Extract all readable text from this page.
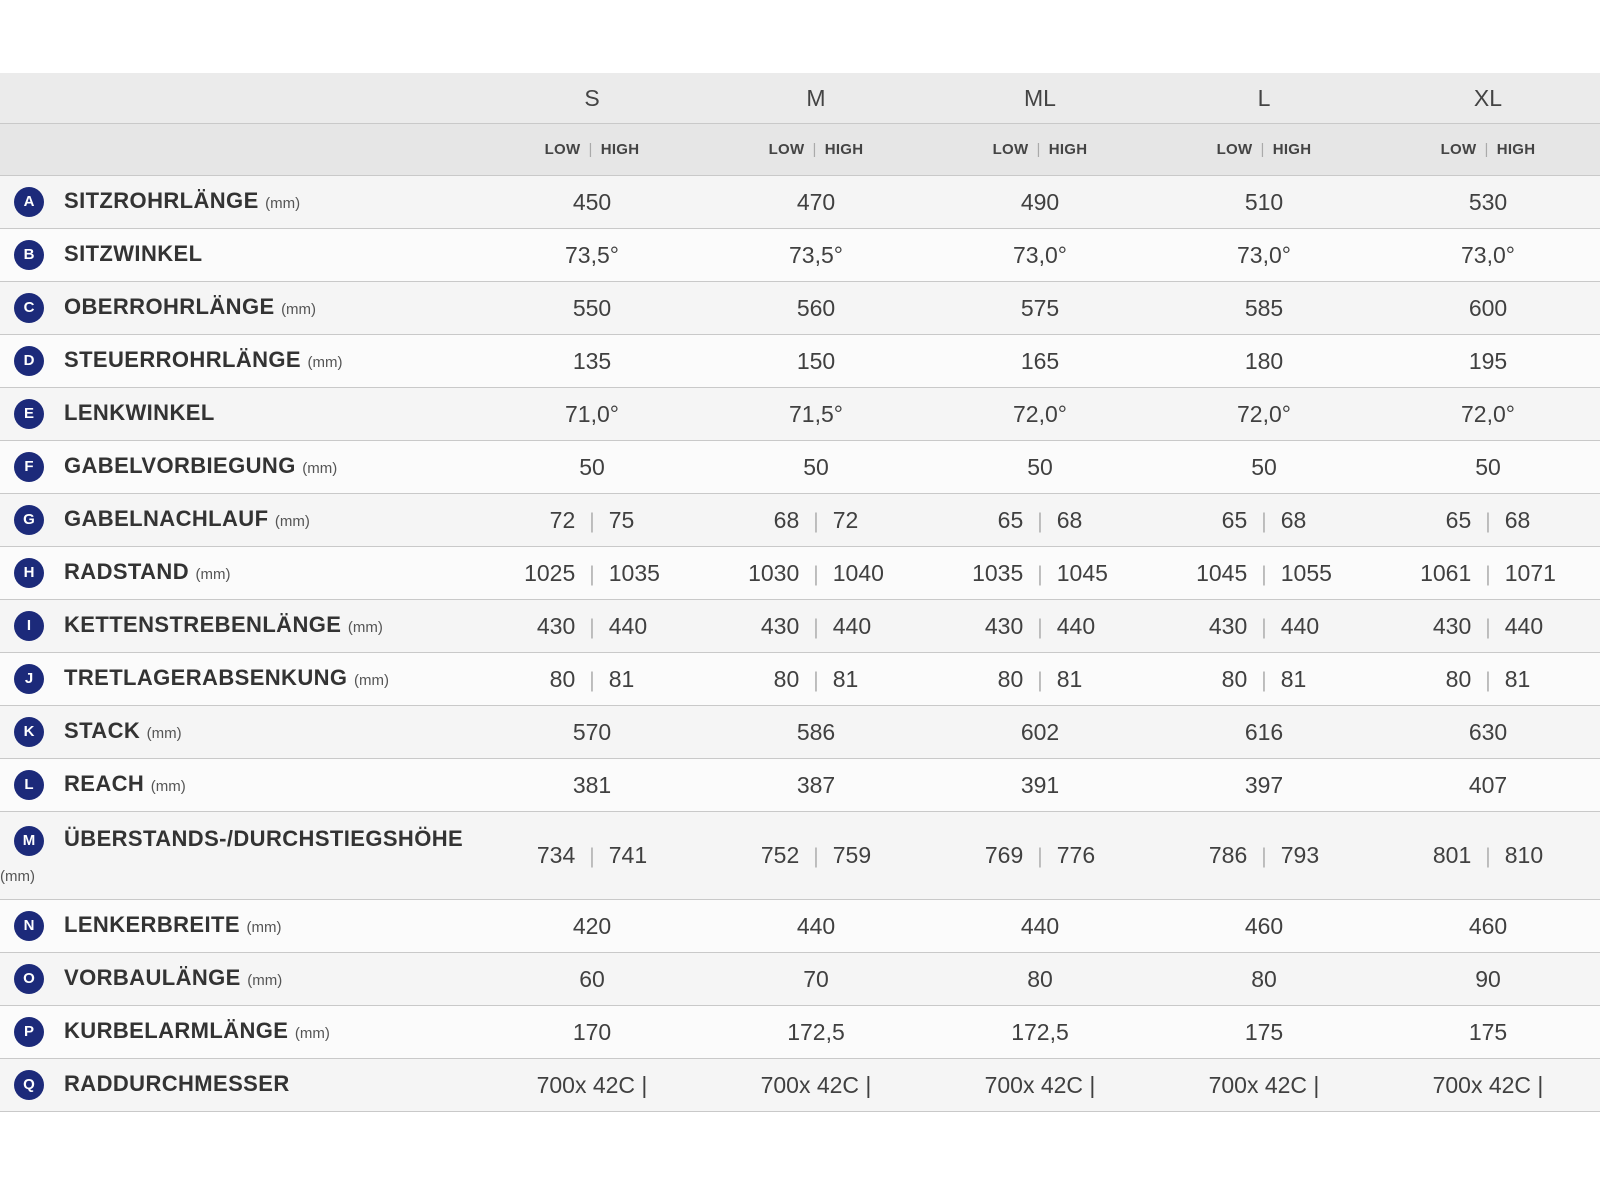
	S	M	ML	L	XL
	LOW | HIGH	LOW | HIGH	LOW | HIGH	LOW | HIGH	LOW | HIGH

A SITZROHRLÄNGE (mm)	450	470	490	510	530

B SITZWINKEL	73,5°	73,5°	73,0°	73,0°	73,0°

C OBERROHRLÄNGE (mm)	550	560	575	585	600

D STEUERROHRLÄNGE (mm)	135	150	165	180	195

E LENKWINKEL	71,0°	71,5°	72,0°	72,0°	72,0°

F GABELVORBIEGUNG (mm)	50	50	50	50	50

G GABELNACHLAUF (mm)	72 | 75	68 | 72	65 | 68	65 | 68	65 | 68

H RADSTAND (mm)	1025 | 1035	1030 | 1040	1035 | 1045	1045 | 1055	1061 | 1071

I KETTENSTREBENLÄNGE (mm)	430 | 440	430 | 440	430 | 440	430 | 440	430 | 440

J TRETLAGERABSENKUNG (mm)	80 | 81	80 | 81	80 | 81	80 | 81	80 | 81

K STACK (mm)	570	586	602	616	630

L REACH (mm)	381	387	391	397	407

M ÜBERSTANDS-/DURCHSTIEGSHÖHE
(mm)	734 | 741	752 | 759	769 | 776	786 | 793	801 | 810

N LENKERBREITE (mm)	420	440	440	460	460

O VORBAULÄNGE (mm)	60	70	80	80	90

P KURBELARMLÄNGE (mm)	170	172,5	172,5	175	175

Q RADDURCHMESSER	700x 42C |	700x 42C |	700x 42C |	700x 42C |	700x 42C |
